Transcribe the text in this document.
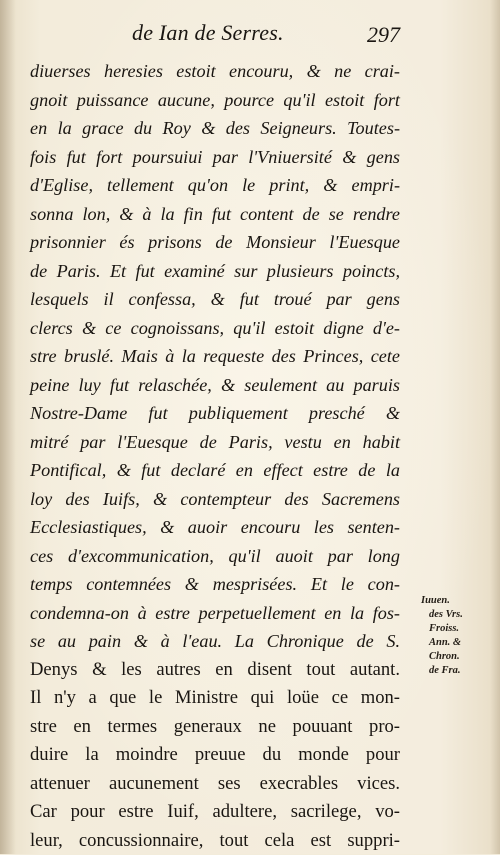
de Ian de Serres.	297
diuerses heresies estoit encouru, & ne crai-
gnoit puissance aucune, pource qu'il estoit fort
en la grace du Roy & des Seigneurs. Toutes-
fois fut fort poursuiui par l'Vniuersité & gens
d'Eglise, tellement qu'on le print, & empri-
sonna lon, & à la fin fut content de se rendre
prisonnier és prisons de Monsieur l'Euesque
de Paris. Et fut examiné sur plusieurs poincts,
lesquels il confessa, & fut troué par gens
clercs & ce cognoissans, qu'il estoit digne d'e-
stre bruslé. Mais à la requeste des Princes, cete
peine luy fut relaschée, & seulement au paruis
Nostre-Dame fut publiquement presché &
mitré par l'Euesque de Paris, vestu en habit
Pontifical, & fut declaré en effect estre de la
loy des Iuifs, & contempteur des Sacremens
Ecclesiastiques, & auoir encouru les senten-
ces d'excommunication, qu'il auoit par long
temps contemnées & mesprisées. Et le con-
condemna-on à estre perpetuellement en la fos-
se au pain & à l'eau. La Chronique de S.
Denys & les autres en disent tout autant.
Il n'y a que le Ministre qui loüe ce mon-
stre en termes generaux ne pouuant pro-
duire la moindre preuue du monde pour
attenuer aucunement ses execrables vices.
Car pour estre Iuif, adultere, sacrilege, vo-
leur, concussionnaire, tout cela est suppri-
Iuuen.
des Vrs.
Froiss.
Ann. &
Chron.
de Fra.
